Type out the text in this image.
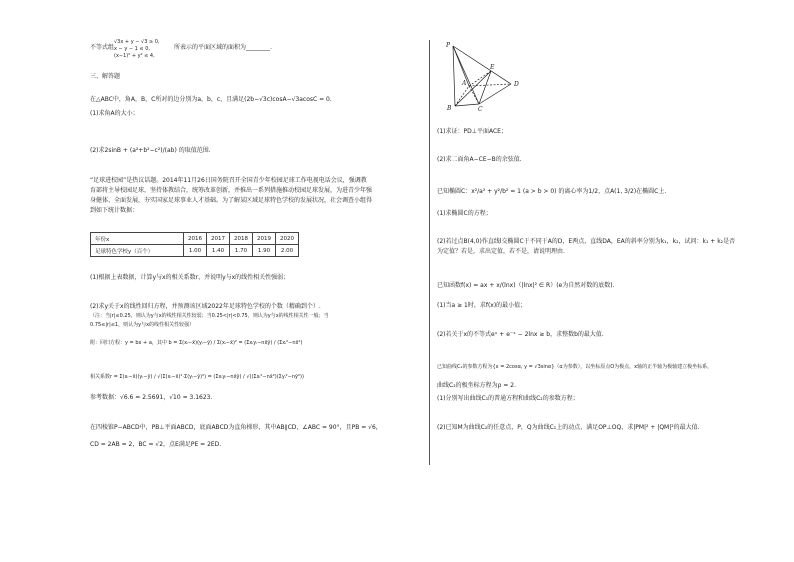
不等式组
√3x + y − √3 ≥ 0,
x − y − 1 ≤ 0,
(x−1)² + y² ≤ 4,
所表示的平面区域的面积为________.
三、解答题
在△ABC中，角A，B，C所对的边分别为a，b，c，且满足(2b−√3c)cosA−√3acosC = 0.
(1)求角A的大小；
(2)求2sinB + (a²+b²−c²)/(ab) 的取值范围.
“足球进校园”是热议话题。2014年11月26日国务院召开全国青少年校园足球工作电视电话会议，强调教
育部将主导校园足球，坚持体教结合，统筹改革创新，并推出一系列措施推动校园足球发展，为进青少年强
身健体、全面发展，夯实国家足球事业人才基础。为了解某区域足球特色学校的发展状况，社会调查小组得
到如下统计数据：
年份x	2016	2017	2018	2019	2020
足球特色学校y（百个）	1.00	1.40	1.70	1.90	2.00
(1)根据上表数据，计算y与x的相关系数r，并说明y与x的线性相关性强弱；
(2)求y关于x的线性回归方程，并预测该区域2022年足球特色学校的个数（精确到个）.
（注：当|r|≤0.25，则认为y与x的线性相关性较弱；当0.25<|r|<0.75，则认为y与x的线性相关性一般；当
0.75≤|r|≤1，则认为y与x的线性相关性较强）
附：回归方程：y = bx + a，其中 b = Σ(xᵢ−x̄)(yᵢ−ȳ) / Σ(xᵢ−x̄)² = (Σxᵢyᵢ−nx̄ȳ) / (Σxᵢ²−nx̄²)
相关系数r = Σ(xᵢ−x̄)(yᵢ−ȳ) / √(Σ(xᵢ−x̄)²·Σ(yᵢ−ȳ)²) = (Σxᵢyᵢ−nx̄ȳ) / √((Σxᵢ²−nx̄²)(Σyᵢ²−nȳ²))
参考数据：√6.6 = 2.5691，√10 = 3.1623.
在四棱锥P−ABCD中，PB⊥平面ABCD，底面ABCD为直角梯形，其中AB∥CD，∠ABC = 90°，且PB = √6，
CD = 2AB = 2，BC = √2，点E满足PE = 2ED.
P
E
D
A
B	C
(1)求证：PD⊥平面ACE；
(2)求二面角A−CE−B的余弦值.
已知椭圆C：x²/a² + y²/b² = 1 (a > b > 0) 的离心率为1/2，点A(1, 3/2)在椭圆C上.
(1)求椭圆C的方程；
(2)若过点B(4,0)作直线l交椭圆C于不同于A的D，E两点，直线DA，EA的斜率分别为k₁，k₂，试问：k₁ + k₂是否
为定值？若是，求出定值，若不是，请说明理由.
已知函数f(x) = ax + x/(lnx)（|lnx|² ∈ R）(e为自然对数的底数).
(1)当a ≥ 1时，求f(x)的最小值；
(2)若关于x的不等式eˣ + e⁻ˣ − 2lnx ≥ b，求整数b的最大值.
已知曲线C₁的参数方程为{x = 2cosα, y = √3sinα}（α为参数），以坐标原点O为极点，x轴的正半轴为极轴建立极坐标系，
曲线C₂的极坐标方程为ρ = 2.
(1)分别写出曲线C₁的普通方程和曲线C₂的参数方程；
(2)已知M为曲线C₂的任意点，P，Q为曲线C₁上的动点，满足OP⊥OQ，求|PM|² + |QM|²的最大值.
